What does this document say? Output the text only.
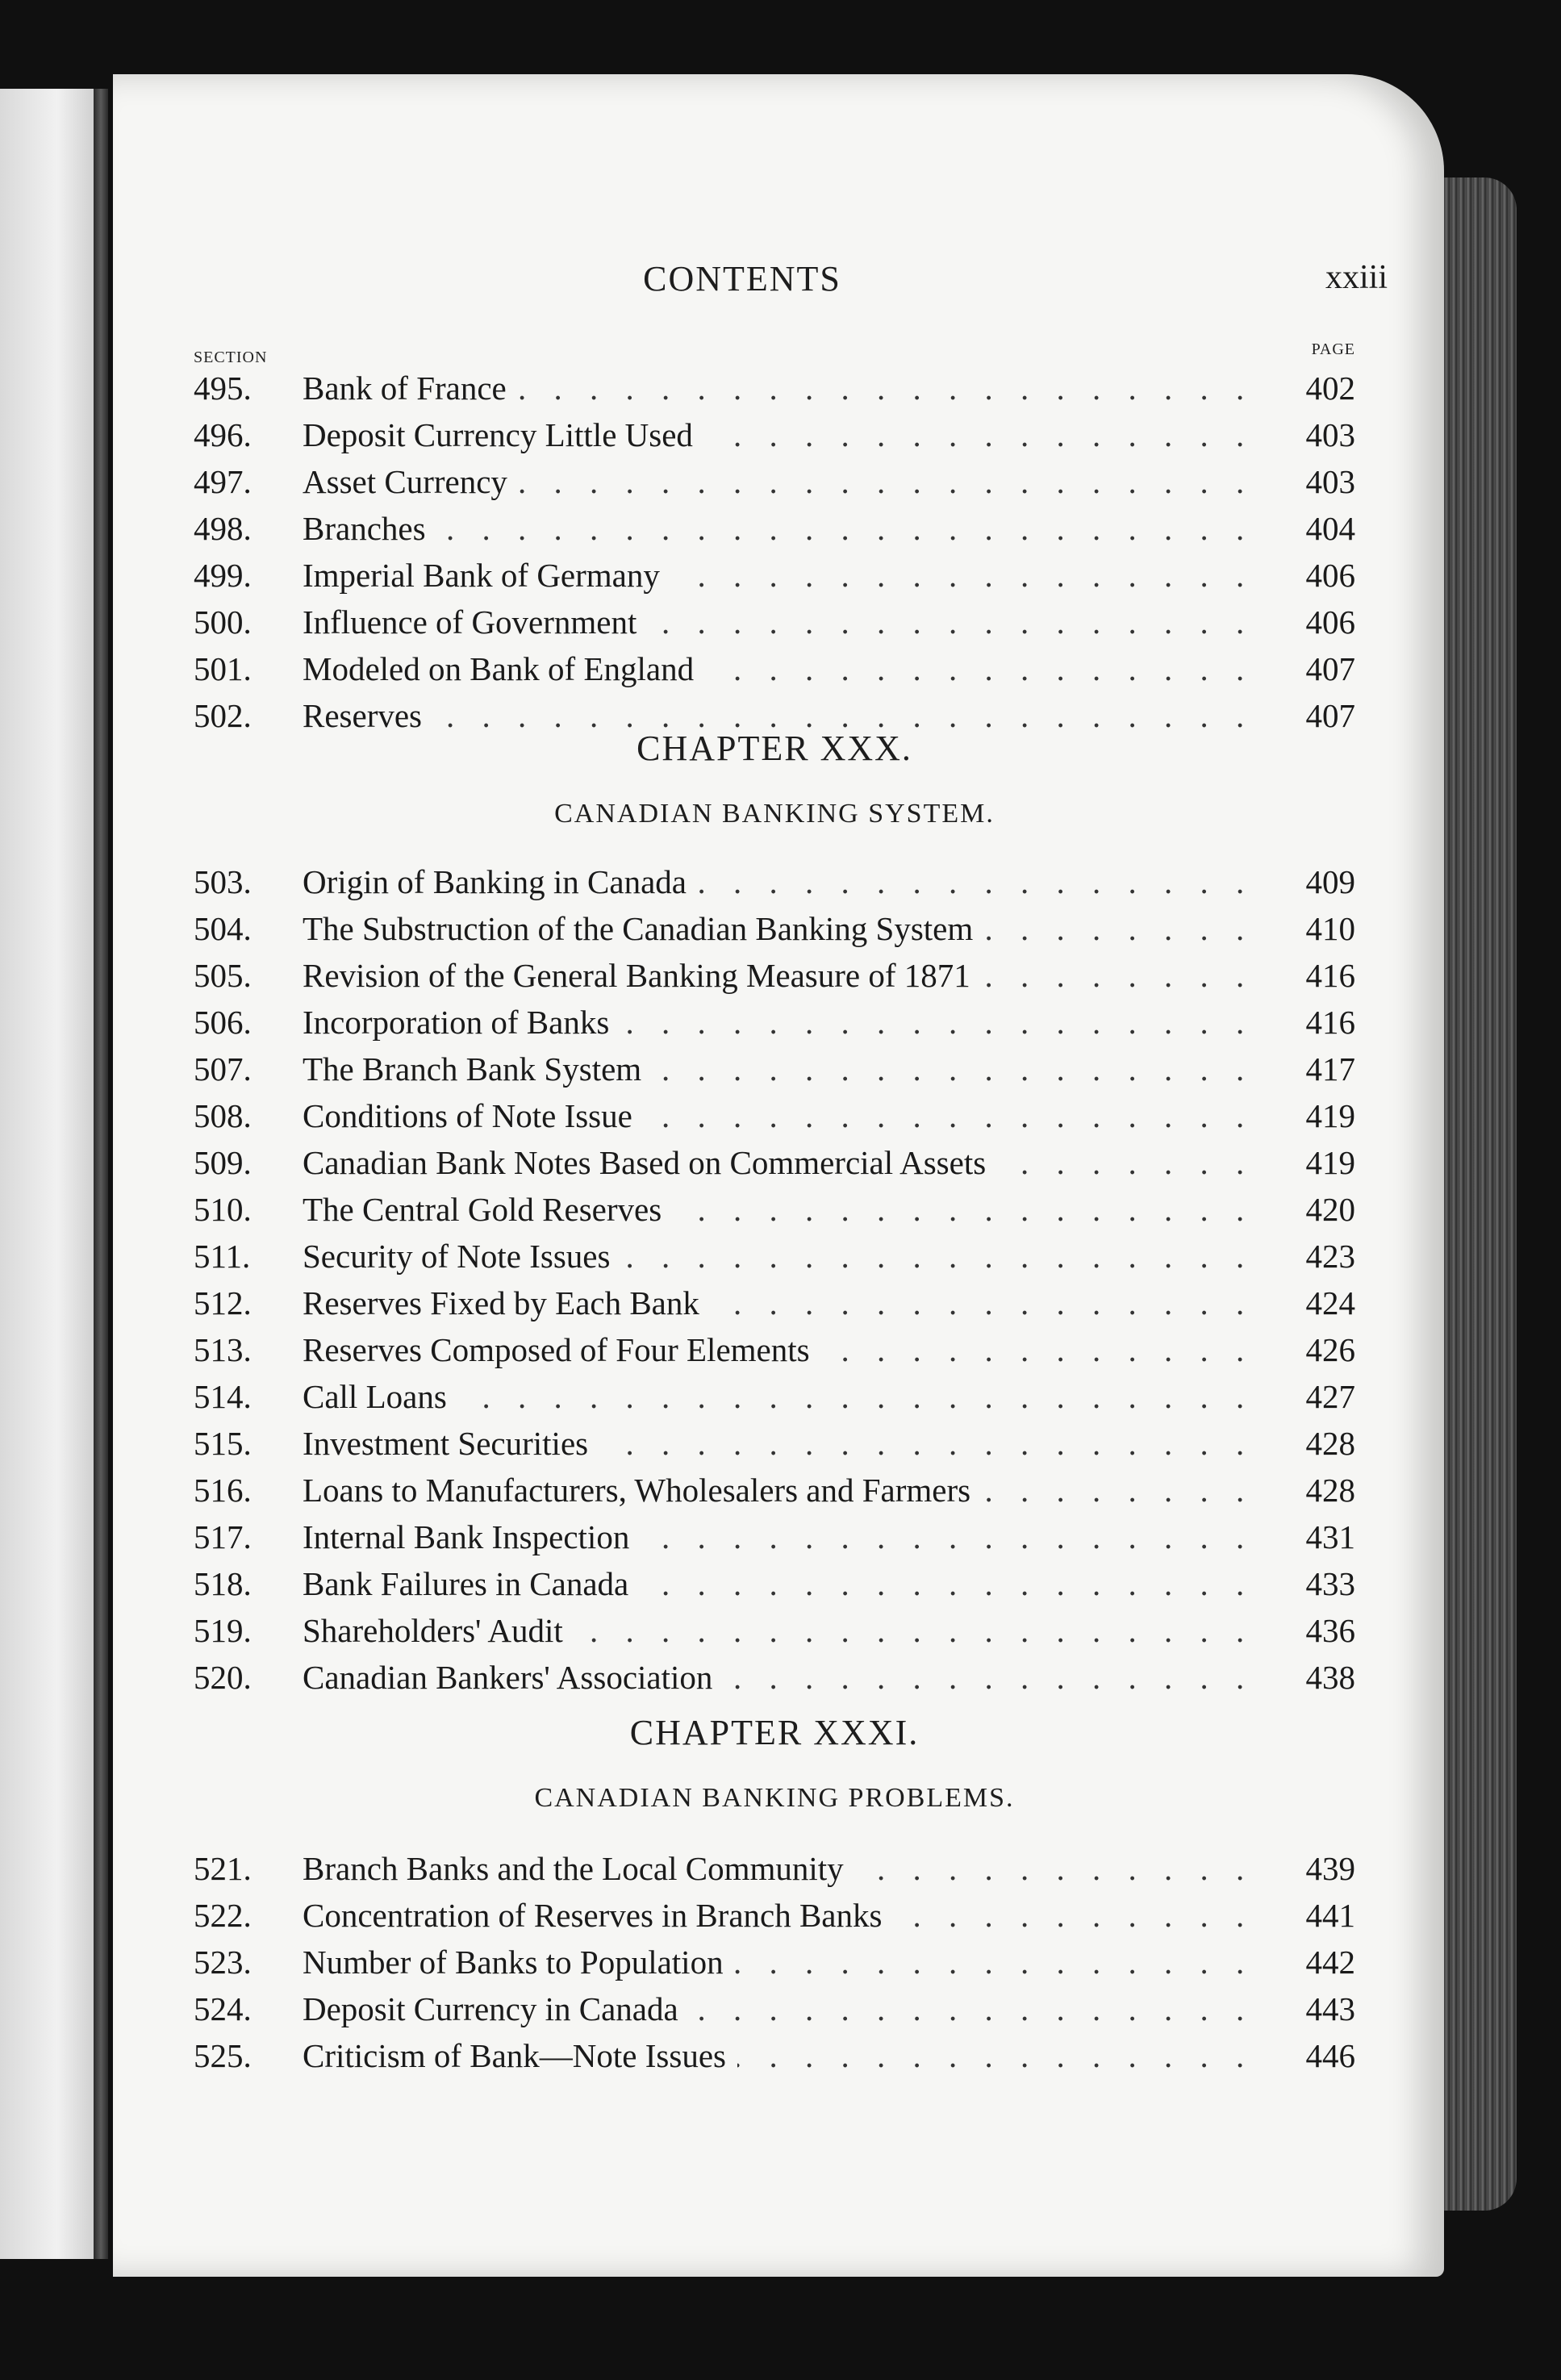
CONTENTS	xxiii
SECTION	PAGE
495.	Bank of France . . .	402
496.	Deposit Currency Little Used . . .	403
497.	Asset Currency . . .	403
498.	Branches . . .	404
499.	Imperial Bank of Germany . . .	406
500.	Influence of Government . . .	406
501.	Modeled on Bank of England . . .	407
502.	Reserves . . .	407
CHAPTER XXX.
CANADIAN BANKING SYSTEM.
503.	Origin of Banking in Canada . . .	409
504.	The Substruction of the Canadian Banking System . . .	410
505.	Revision of the General Banking Measure of 1871 . . .	416
506.	Incorporation of Banks . . .	416
507.	The Branch Bank System . . .	417
508.	Conditions of Note Issue . . .	419
509.	Canadian Bank Notes Based on Commercial Assets . . .	419
510.	The Central Gold Reserves . . .	420
511.	Security of Note Issues . . .	423
512.	Reserves Fixed by Each Bank . . .	424
513.	Reserves Composed of Four Elements . . .	426
514.	Call Loans . . .	427
515.	Investment Securities . . .	428
516.	Loans to Manufacturers, Wholesalers and Farmers . . .	428
517.	Internal Bank Inspection . . .	431
518.	Bank Failures in Canada . . .	433
519.	Shareholders' Audit . . .	436
520.	Canadian Bankers' Association . . .	438
CHAPTER XXXI.
CANADIAN BANKING PROBLEMS.
521.	Branch Banks and the Local Community . . .	439
522.	Concentration of Reserves in Branch Banks . . .	441
523.	Number of Banks to Population . . .	442
524.	Deposit Currency in Canada . . .	443
525.	Criticism of Bank—Note Issues . . .	446
